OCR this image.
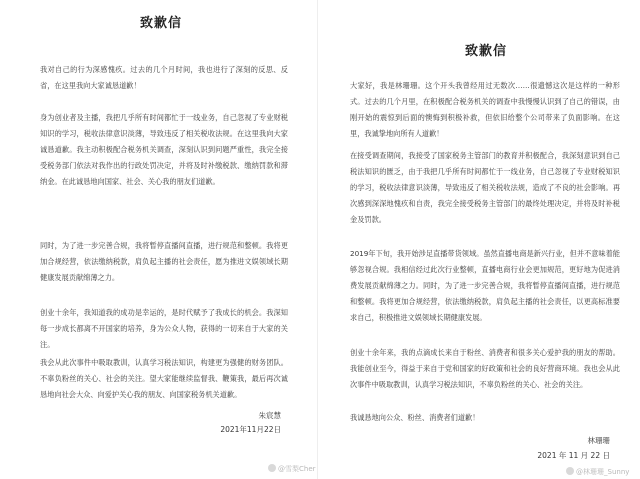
致歉信
我对自己的行为深感愧疚。过去的几个月时间，我也进行了深刻的反思、反省，在这里我向大家诚恳道歉！
身为创业者及主播，我把几乎所有时间都忙于一线业务，自己忽视了专业财税知识的学习，税收法律意识淡薄，导致违反了相关税收法规。在这里我向大家诚恳道歉。我主动积极配合税务机关调查，深刻认识到问题严重性，我完全接受税务部门依法对我作出的行政处罚决定，并将及时补缴税款、缴纳罚款和滞纳金。在此诚恳地向国家、社会、关心我的朋友们道歉。
同时，为了进一步完善合规，我将暂停直播间直播，进行规范和整顿。我将更加合规经营，依法缴纳税款，肩负起主播的社会责任，愿为推进文娱领域长期健康发展贡献绵薄之力。
创业十余年，我知道我的成功是幸运的，是时代赋予了我成长的机会。我深知每一步成长都离不开国家的培养，身为公众人物，获得的一切来自于大家的关注。
我会从此次事件中吸取教训，认真学习税法知识，构建更为强健的财务团队。不辜负粉丝的关心、社会的关注。望大家能继续监督我、鞭策我，最后再次诚恳地向社会大众、向爱护关心我的朋友、向国家税务机关道歉。
朱宸慧
2021年11月22日
@雪梨Cher
致歉信
大家好，我是林珊珊。这个开头我曾经用过无数次……很遗憾这次是这样的一种形式。过去的几个月里，在积极配合税务机关的调查中我慢慢认识到了自己的错误，由刚开始的震惊到后面的懊悔到积极补救，但依旧给整个公司带来了负面影响。在这里，我诚挚地向所有人道歉！
在接受调查期间，我接受了国家税务主管部门的教育并积极配合，我深刻意识到自己税法知识的匮乏，由于我把几乎所有时间都忙于一线业务，自己忽视了专业财税知识的学习，税收法律意识淡薄，导致违反了相关税收法规，造成了不良的社会影响。再次感到深深地愧疚和自责，我完全接受税务主管部门的最终处理决定，并将及时补税金及罚款。
2019年下旬，我开始涉足直播带货领域。虽然直播电商是新兴行业，但并不意味着能够忽视合规。我相信经过此次行业整顿，直播电商行业会更加规范，更好地为促进消费发展贡献绵薄之力。同时，为了进一步完善合规，我将暂停直播间直播，进行规范和整顿。我将更加合规经营，依法缴纳税款，肩负起主播的社会责任，以更高标准要求自己，积极推进文娱领域长期健康发展。
创业十余年来，我的点滴成长来自于粉丝、消费者和很多关心爱护我的朋友的帮助。我能创业至今，得益于来自于党和国家的好政策和社会的良好营商环境。我也会从此次事件中吸取教训，认真学习税法知识，不辜负粉丝的关心、社会的关注。
我诚恳地向公众、粉丝、消费者们道歉！
林珊珊
2021 年 11 月 22 日
@林珊珊_Sunny
